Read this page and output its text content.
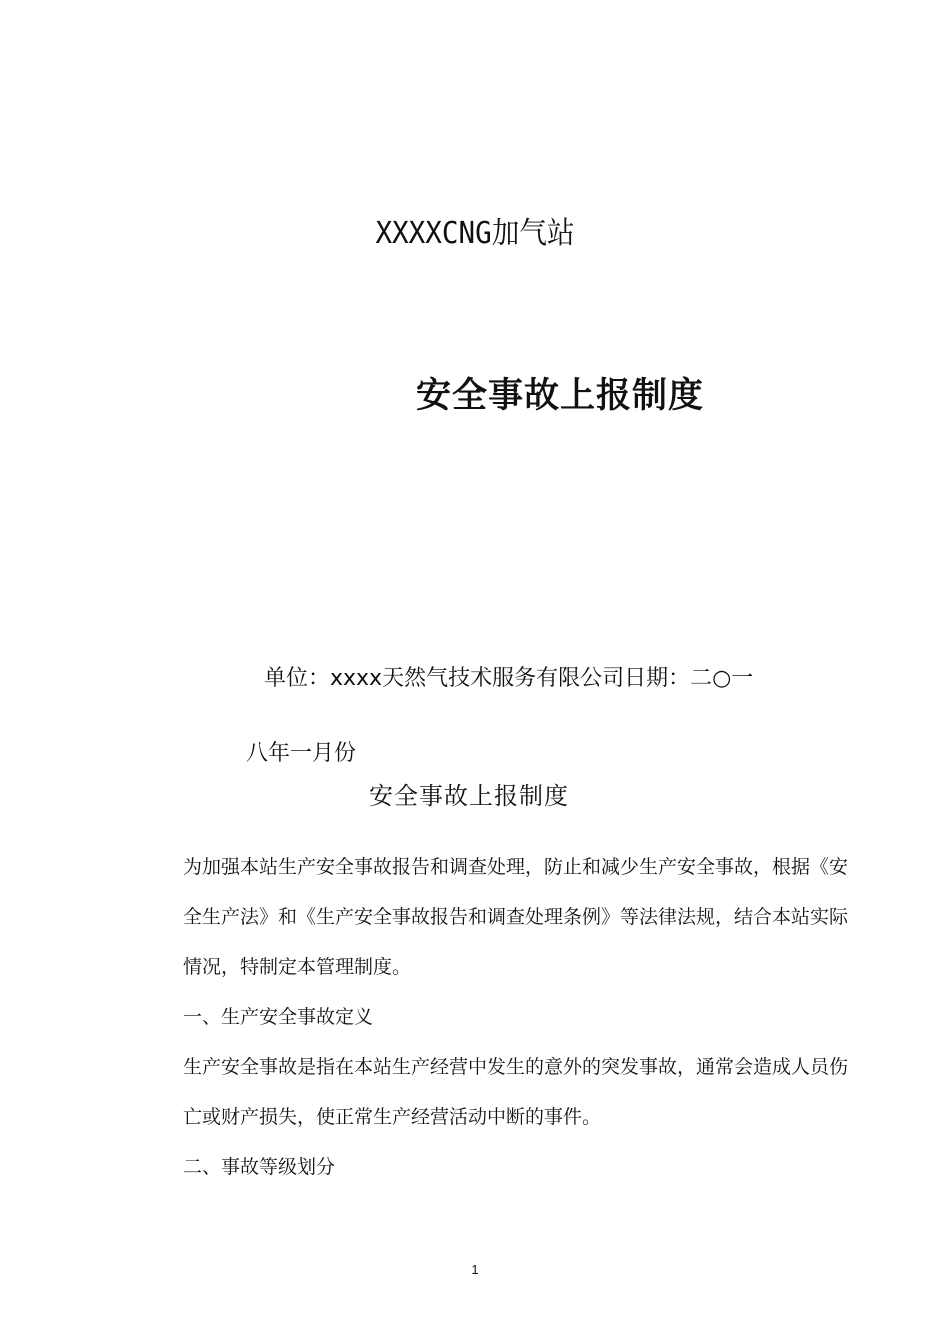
XXXXCNG加气站
安全事故上报制度
单位：xxxx天然气技术服务有限公司日期：二○一
八年一月份
安全事故上报制度
为加强本站生产安全事故报告和调查处理，防止和减少生产安全事故，根据《安全生产法》和《生产安全事故报告和调查处理条例》等法律法规，结合本站实际情况，特制定本管理制度。
一、生产安全事故定义
生产安全事故是指在本站生产经营中发生的意外的突发事故，通常会造成人员伤亡或财产损失，使正常生产经营活动中断的事件。
二、事故等级划分
1
